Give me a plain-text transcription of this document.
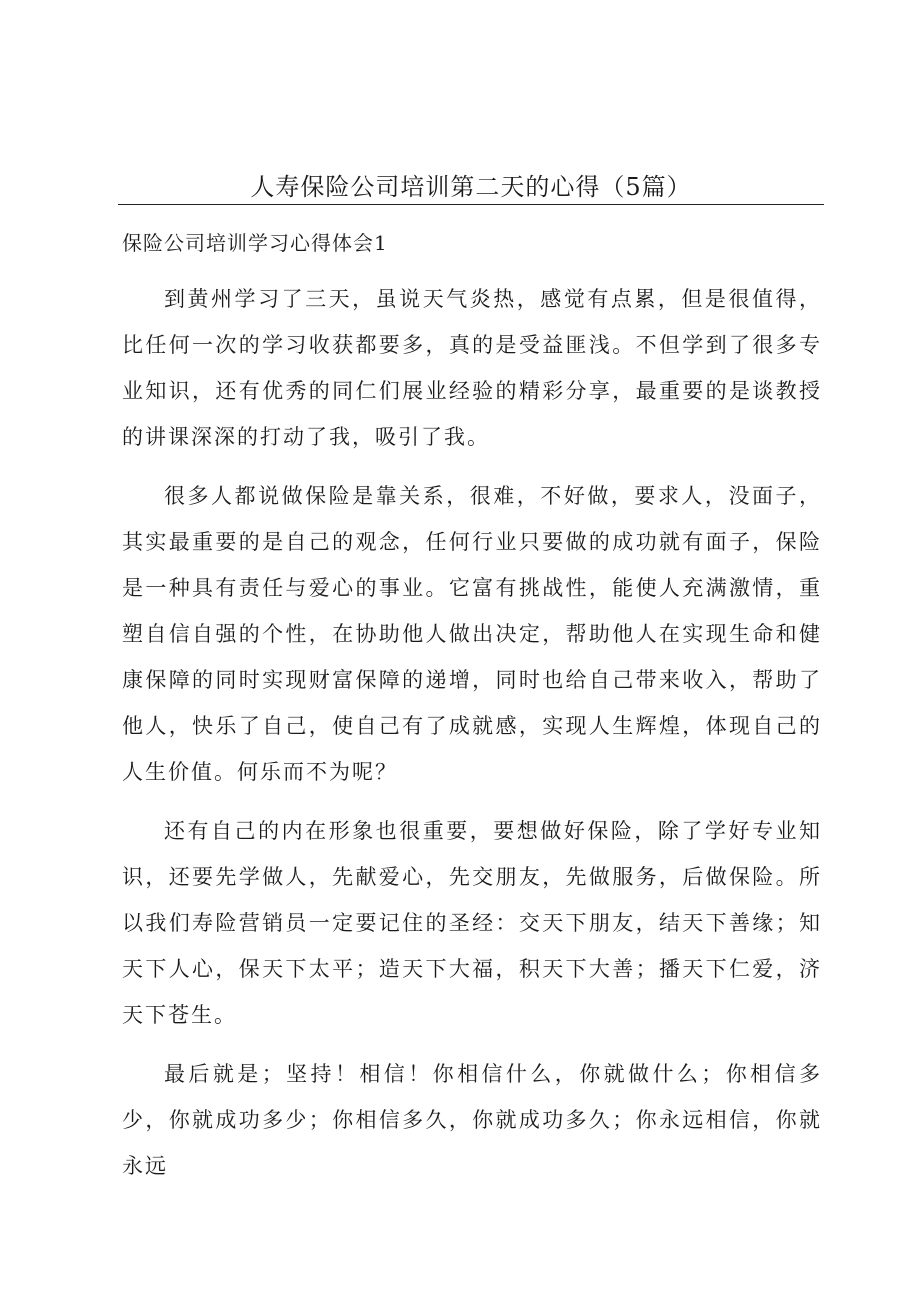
人寿保险公司培训第二天的心得（5篇）
保险公司培训学习心得体会1

到黄州学习了三天，虽说天气炎热，感觉有点累，但是很值得，比任何一次的学习收获都要多，真的是受益匪浅。不但学到了很多专业知识，还有优秀的同仁们展业经验的精彩分享，最重要的是谈教授的讲课深深的打动了我，吸引了我。

很多人都说做保险是靠关系，很难，不好做，要求人，没面子，其实最重要的是自己的观念，任何行业只要做的成功就有面子，保险是一种具有责任与爱心的事业。它富有挑战性，能使人充满激情，重塑自信自强的个性，在协助他人做出决定，帮助他人在实现生命和健康保障的同时实现财富保障的递增，同时也给自己带来收入，帮助了他人，快乐了自己，使自己有了成就感，实现人生辉煌，体现自己的人生价值。何乐而不为呢？

还有自己的内在形象也很重要，要想做好保险，除了学好专业知识，还要先学做人，先献爱心，先交朋友，先做服务，后做保险。所以我们寿险营销员一定要记住的圣经：交天下朋友，结天下善缘；知天下人心，保天下太平；造天下大福，积天下大善；播天下仁爱，济天下苍生。

最后就是；坚持！相信！你相信什么，你就做什么；你相信多少，你就成功多少；你相信多久，你就成功多久；你永远相信，你就永远
